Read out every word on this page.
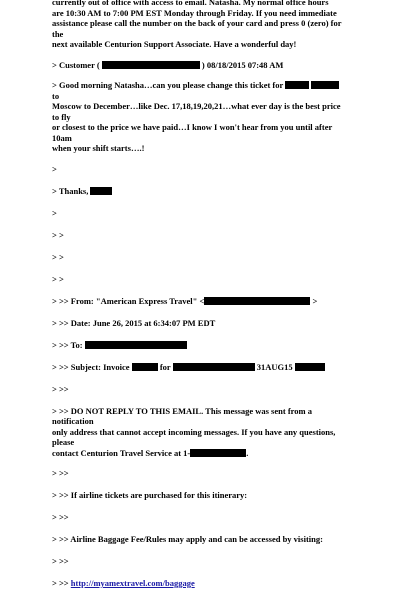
currently out of office with access to email. Natasha. My normal office hours
are 10:30 AM to 7:00 PM EST Monday through Friday. If you need immediate
assistance please call the number on the back of your card and press 0 (zero) for the
next available Centurion Support Associate. Have a wonderful day!

> Customer (	) 08/18/2015 07:48 AM

> Good morning Natasha…can you please change this ticket for   to
Moscow to December…like Dec. 17,18,19,20,21…what ever day is the best price to fly
or closest to the price we have paid…I know I won't hear from you until after 10am
when your shift starts….!

>

> Thanks,

>

> >

> >

> >

> >> From: "American Express Travel" <	>

> >> Date: June 26, 2015 at 6:34:07 PM EDT

> >> To:

> >> Subject: Invoice	for	31AUG15

> >>

> >> DO NOT REPLY TO THIS EMAIL. This message was sent from a notification
only address that cannot accept incoming messages. If you have any questions, please
contact Centurion Travel Service at 1-	.

> >>

> >> If airline tickets are purchased for this itinerary:

> >>

> >> Airline Baggage Fee/Rules may apply and can be accessed by visiting:

> >>

> >> http://myamextravel.com/baggage
